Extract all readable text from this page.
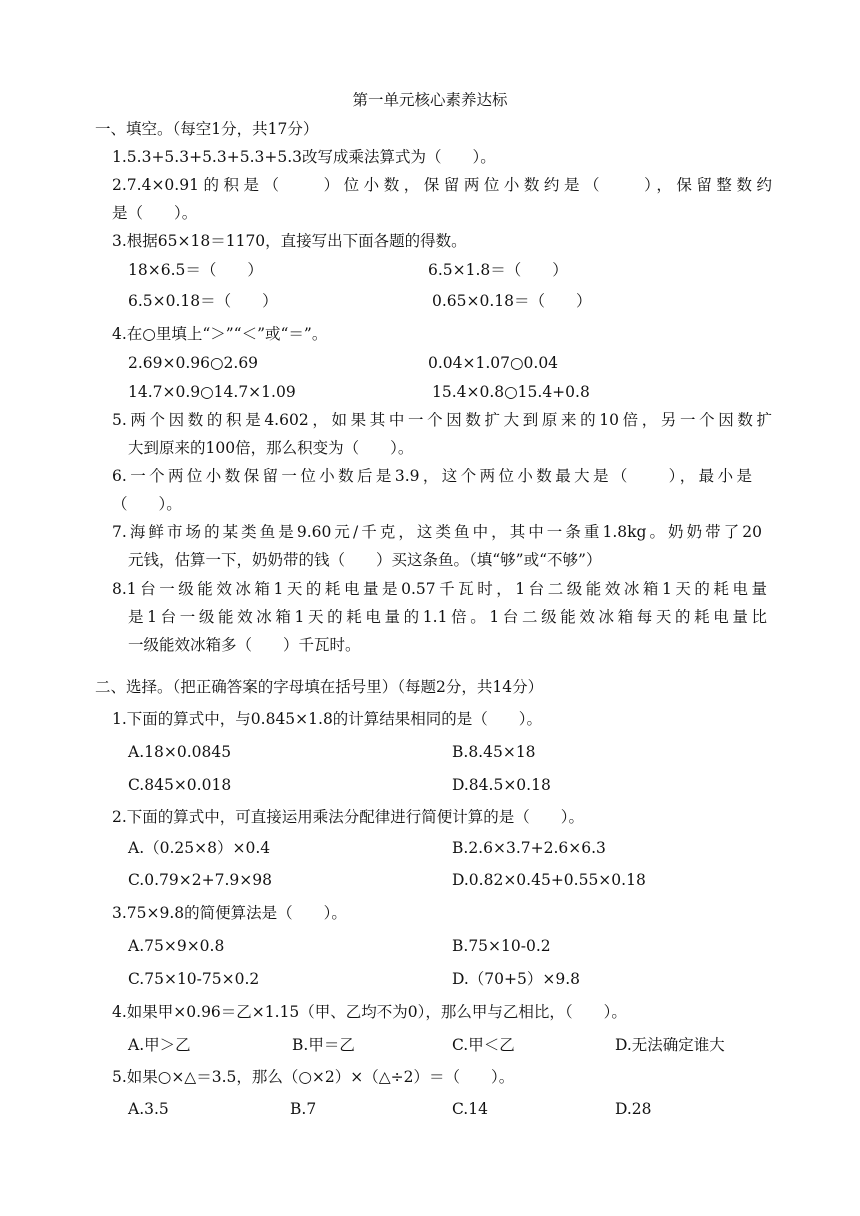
第一单元核心素养达标
一、填空。（每空1分，共17分）
1.5.3+5.3+5.3+5.3+5.3改写成乘法算式为（　　）。
2.7.4×0.91的积是（　　）位小数，保留两位小数约是（　　），保留整数约
是（　　）。
3.根据65×18＝1170，直接写出下面各题的得数。
18×6.5＝（　　）	6.5×1.8＝（　　）
6.5×0.18＝（　　）	0.65×0.18＝（　　）
4.在○里填上“＞”“＜”或“＝”。
2.69×0.96○2.69	0.04×1.07○0.04
14.7×0.9○14.7×1.09	15.4×0.8○15.4+0.8
5.两个因数的积是4.602，如果其中一个因数扩大到原来的10倍，另一个因数扩
大到原来的100倍，那么积变为（　　）。
6.一个两位小数保留一位小数后是3.9，这个两位小数最大是（　　），最小是
（　　）。
7.海鲜市场的某类鱼是9.60元/千克，这类鱼中，其中一条重1.8kg。奶奶带了20
元钱，估算一下，奶奶带的钱（　　）买这条鱼。（填“够”或“不够”）
8.1台一级能效冰箱1天的耗电量是0.57千瓦时，1台二级能效冰箱1天的耗电量
是1台一级能效冰箱1天的耗电量的1.1倍。1台二级能效冰箱每天的耗电量比
一级能效冰箱多（　　）千瓦时。
二、选择。（把正确答案的字母填在括号里）（每题2分，共14分）
1.下面的算式中，与0.845×1.8的计算结果相同的是（　　）。
A.18×0.0845	B.8.45×18
C.845×0.018	D.84.5×0.18
2.下面的算式中，可直接运用乘法分配律进行简便计算的是（　　）。
A.（0.25×8）×0.4	B.2.6×3.7+2.6×6.3
C.0.79×2+7.9×98	D.0.82×0.45+0.55×0.18
3.75×9.8的简便算法是（　　）。
A.75×9×0.8	B.75×10-0.2
C.75×10-75×0.2	D.（70+5）×9.8
4.如果甲×0.96＝乙×1.15（甲、乙均不为0），那么甲与乙相比，（　　）。
A.甲＞乙	B.甲＝乙	C.甲＜乙	D.无法确定谁大
5.如果○×△＝3.5，那么（○×2）×（△÷2）＝（　　）。
A.3.5	B.7	C.14	D.28
